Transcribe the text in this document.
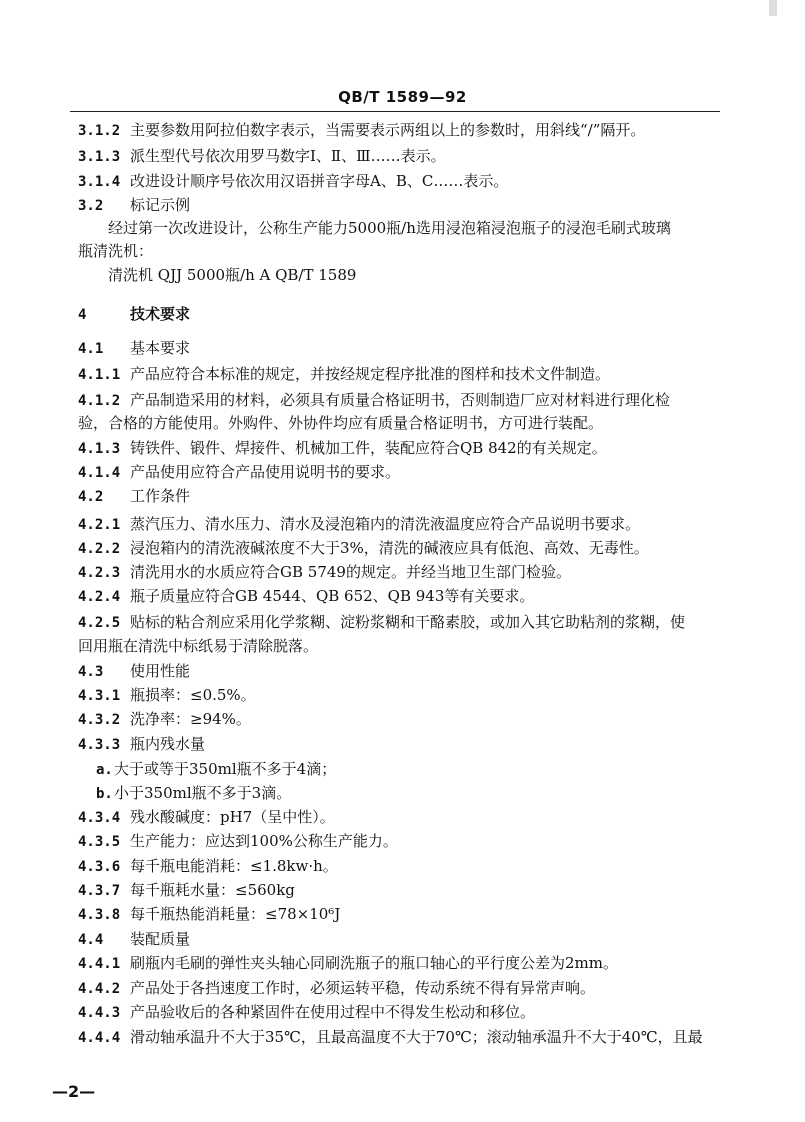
QB/T 1589—92
3.1.2 主要参数用阿拉伯数字表示，当需要表示两组以上的参数时，用斜线“/”隔开。
3.1.3 派生型代号依次用罗马数字Ⅰ、Ⅱ、Ⅲ……表示。
3.1.4 改进设计顺序号依次用汉语拼音字母A、B、C……表示。
3.2 标记示例
经过第一次改进设计，公称生产能力5000瓶/h选用浸泡箱浸泡瓶子的浸泡毛刷式玻璃
瓶清洗机：
清洗机 QJJ 5000瓶/h A QB/T 1589
4	技术要求
4.1 基本要求
4.1.1 产品应符合本标准的规定，并按经规定程序批准的图样和技术文件制造。
4.1.2 产品制造采用的材料，必须具有质量合格证明书，否则制造厂应对材料进行理化检
验，合格的方能使用。外购件、外协件均应有质量合格证明书，方可进行装配。
4.1.3 铸铁件、锻件、焊接件、机械加工件，装配应符合QB 842的有关规定。
4.1.4 产品使用应符合产品使用说明书的要求。
4.2 工作条件
4.2.1 蒸汽压力、清水压力、清水及浸泡箱内的清洗液温度应符合产品说明书要求。
4.2.2 浸泡箱内的清洗液碱浓度不大于3%，清洗的碱液应具有低泡、高效、无毒性。
4.2.3 清洗用水的水质应符合GB 5749的规定。并经当地卫生部门检验。
4.2.4 瓶子质量应符合GB 4544、QB 652、QB 943等有关要求。
4.2.5 贴标的粘合剂应采用化学浆糊、淀粉浆糊和干酪素胶，或加入其它助粘剂的浆糊，使
回用瓶在清洗中标纸易于清除脱落。
4.3 使用性能
4.3.1 瓶损率：≤0.5%。
4.3.2 洗净率：≥94%。
4.3.3 瓶内残水量
a.大于或等于350ml瓶不多于4滴；
b.小于350ml瓶不多于3滴。
4.3.4 残水酸碱度：pH7（呈中性）。
4.3.5 生产能力：应达到100%公称生产能力。
4.3.6 每千瓶电能消耗：≤1.8kw·h。
4.3.7 每千瓶耗水量：≤560kg
4.3.8 每千瓶热能消耗量：≤78×10⁶J
4.4 装配质量
4.4.1 刷瓶内毛刷的弹性夹头轴心同刷洗瓶子的瓶口轴心的平行度公差为2mm。
4.4.2 产品处于各挡速度工作时，必须运转平稳，传动系统不得有异常声响。
4.4.3 产品验收后的各种紧固件在使用过程中不得发生松动和移位。
4.4.4 滑动轴承温升不大于35℃，且最高温度不大于70℃；滚动轴承温升不大于40℃，且最
—2—
